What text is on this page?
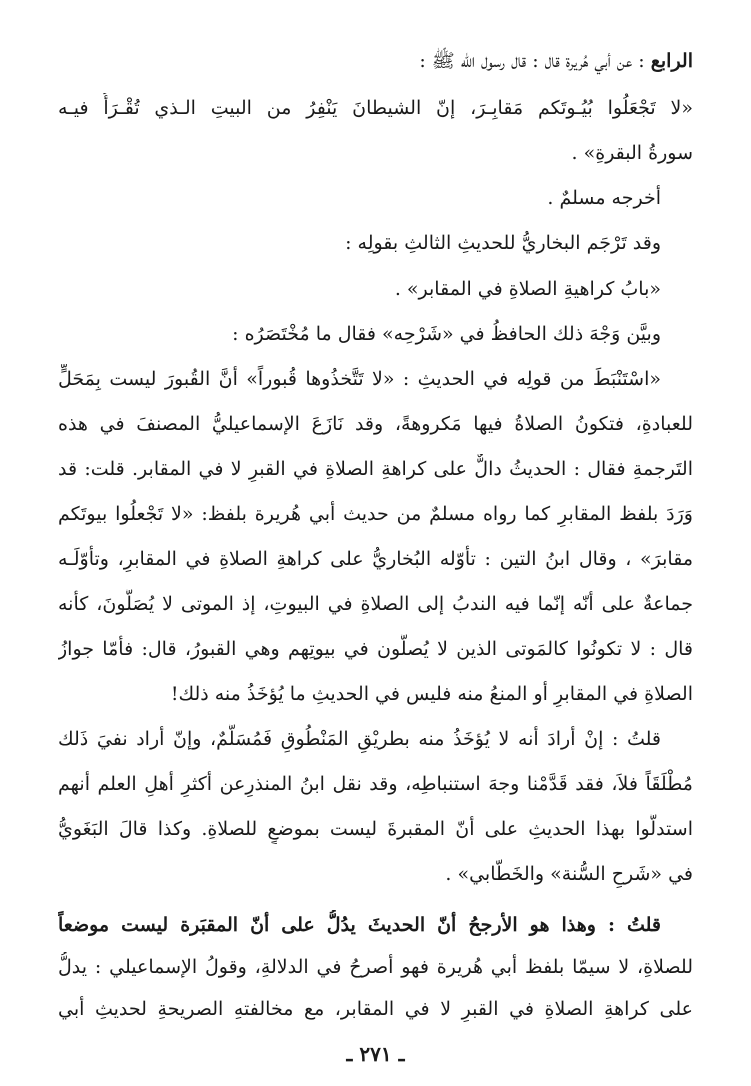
الرابع : عن أبي هُريرة قال : قال رسول الله ﷺ :
«لا تَجْعَلُوا بُيُـوتَكم مَقابِـرَ، إنّ الشيطانَ يَنْفِرُ من البيتِ الـذي تُقْـرَأُ فيـه
سورةُ البقرةِ» .
أخرجه مسلمٌ .
وقد تَرْجَم البخاريُّ للحديثِ الثالثِ بقولِه :
«بابُ كراهيةِ الصلاةِ في المقابر» .
وبيَّن وَجْهَ ذلك الحافظُ في «شَرْحِه» فقال ما مُخْتَصَرُه :
«اسْتَنْبَطَ من قولِه في الحديثِ : «لا تَتَّخذُوها قُبوراً» أنَّ القُبورَ ليست بِمَحَلٍّ
للعبادةِ، فتكونُ الصلاةُ فيها مَكروهةً، وقد نَازَعَ الإسماعيليُّ المصنفَ في هذه
التَرجمةِ فقال : الحديثُ دالٌّ على كراهةِ الصلاةِ في القبرِ لا في المقابر. قلت: قد
وَرَدَ بلفظ المقابرِ كما رواه مسلمٌ من حديث أبي هُريرة بلفظ: «لا تَجْعلُوا بيوتَكم
مقابرَ» ، وقال ابنُ التين : تأوّله البُخاريُّ على كراهةِ الصلاةِ في المقابرِ، وتأوّلَـه
جماعةٌ على أنّه إنّما فيه الندبُ إلى الصلاةِ في البيوتِ، إذ الموتى لا يُصَلُّونَ، كأنه
قال : لا تكونُوا كالمَوتى الذين لا يُصلُّون في بيوتِهم وهي القبورُ، قال: فأمّا جوازُ
الصلاةِ في المقابرِ أو المنعُ منه فليس في الحديثِ ما يُؤخَذُ منه ذلك!
قلتُ : إنْ أرادَ أنه لا يُؤخَذُ منه بطريْقِ المَنْطُوقِ فَمُسَلَّمٌ، وإنّ أراد نفيَ ذَلك
مُطْلَقَاً فلاَ، فقد قَدَّمْنا وجهَ استنباطِه، وقد نقل ابنُ المنذرِعن أكثرِ أهلِ العلم أنهم
استدلُّوا بهذا الحديثِ على أنّ المقبرةَ ليست بموضعٍ للصلاةِ. وكذا قالَ البَغَويُّ
في «شَرحِ السُّنة» والخَطّابي» .
قلتُ : وهذا هو الأرجحُ أنّ الحديثَ يدُلُّ على أنّ المقبَرة ليست موضعاً
للصلاةِ، لا سيمّا بلفظ أبي هُريرة فهو أصرحُ في الدلالةِ، وقولُ الإسماعيلي : يدلُّ
على كراهةِ الصلاةِ في القبرِ لا في المقابر، مع مخالفتهِ الصريحةِ لحديثِ أبي
ـ ٢٧١ ـ
